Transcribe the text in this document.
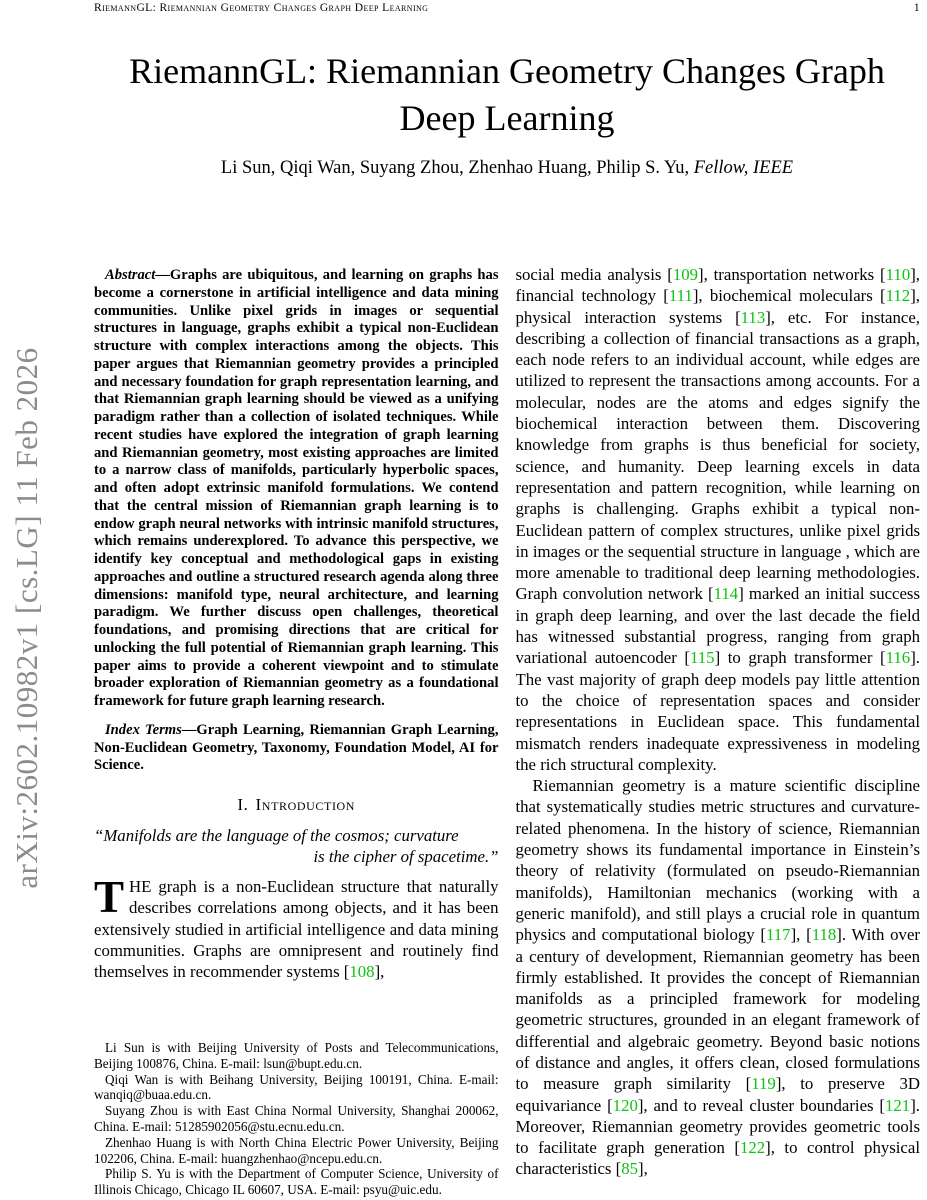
RiemannGL: Riemannian Geometry Changes Graph Deep Learning	1
RiemannGL: Riemannian Geometry Changes Graph Deep Learning
Li Sun, Qiqi Wan, Suyang Zhou, Zhenhao Huang, Philip S. Yu, Fellow, IEEE
arXiv:2602.10982v1 [cs.LG] 11 Feb 2026

Abstract—Graphs are ubiquitous, and learning on graphs has become a cornerstone in artificial intelligence and data mining communities. Unlike pixel grids in images or sequential structures in language, graphs exhibit a typical non-Euclidean structure with complex interactions among the objects. This paper argues that Riemannian geometry provides a principled and necessary foundation for graph representation learning, and that Riemannian graph learning should be viewed as a unifying paradigm rather than a collection of isolated techniques. While recent studies have explored the integration of graph learning and Riemannian geometry, most existing approaches are limited to a narrow class of manifolds, particularly hyperbolic spaces, and often adopt extrinsic manifold formulations. We contend that the central mission of Riemannian graph learning is to endow graph neural networks with intrinsic manifold structures, which remains underexplored. To advance this perspective, we identify key conceptual and methodological gaps in existing approaches and outline a structured research agenda along three dimensions: manifold type, neural architecture, and learning paradigm. We further discuss open challenges, theoretical foundations, and promising directions that are critical for unlocking the full potential of Riemannian graph learning. This paper aims to provide a coherent viewpoint and to stimulate broader exploration of Riemannian geometry as a foundational framework for future graph learning research.

Index Terms—Graph Learning, Riemannian Graph Learning, Non-Euclidean Geometry, Taxonomy, Foundation Model, AI for Science.

I. Introduction
“Manifolds are the language of the cosmos; curvature
is the cipher of spacetime.”

THE graph is a non-Euclidean structure that naturally describes correlations among objects, and it has been extensively studied in artificial intelligence and data mining communities. Graphs are omnipresent and routinely find themselves in recommender systems [108],

Li Sun is with Beijing University of Posts and Telecommunications, Beijing 100876, China. E-mail: lsun@bupt.edu.cn.

Qiqi Wan is with Beihang University, Beijing 100191, China. E-mail: wanqiq@buaa.edu.cn.

Suyang Zhou is with East China Normal University, Shanghai 200062, China. E-mail: 51285902056@stu.ecnu.edu.cn.

Zhenhao Huang is with North China Electric Power University, Beijing 102206, China. E-mail: huangzhenhao@ncepu.edu.cn.

Philip S. Yu is with the Department of Computer Science, University of Illinois Chicago, Chicago IL 60607, USA. E-mail: psyu@uic.edu.

social media analysis [109], transportation networks [110], financial technology [111], biochemical moleculars [112], physical interaction systems [113], etc. For instance, describing a collection of financial transactions as a graph, each node refers to an individual account, while edges are utilized to represent the transactions among accounts. For a molecular, nodes are the atoms and edges signify the biochemical interaction between them. Discovering knowledge from graphs is thus beneficial for society, science, and humanity. Deep learning excels in data representation and pattern recognition, while learning on graphs is challenging. Graphs exhibit a typical non-Euclidean pattern of complex structures, unlike pixel grids in images or the sequential structure in language , which are more amenable to traditional deep learning methodologies. Graph convolution network [114] marked an initial success in graph deep learning, and over the last decade the field has witnessed substantial progress, ranging from graph variational autoencoder [115] to graph transformer [116]. The vast majority of graph deep models pay little attention to the choice of representation spaces and consider representations in Euclidean space. This fundamental mismatch renders inadequate expressiveness in modeling the rich structural complexity.

Riemannian geometry is a mature scientific discipline that systematically studies metric structures and curvature-related phenomena. In the history of science, Riemannian geometry shows its fundamental importance in Einstein’s theory of relativity (formulated on pseudo-Riemannian manifolds), Hamiltonian mechanics (working with a generic manifold), and still plays a crucial role in quantum physics and computational biology [117], [118]. With over a century of development, Riemannian geometry has been firmly established. It provides the concept of Riemannian manifolds as a principled framework for modeling geometric structures, grounded in an elegant framework of differential and algebraic geometry. Beyond basic notions of distance and angles, it offers clean, closed formulations to measure graph similarity [119], to preserve 3D equivariance [120], and to reveal cluster boundaries [121]. Moreover, Riemannian geometry provides geometric tools to facilitate graph generation [122], to control physical characteristics [85],
